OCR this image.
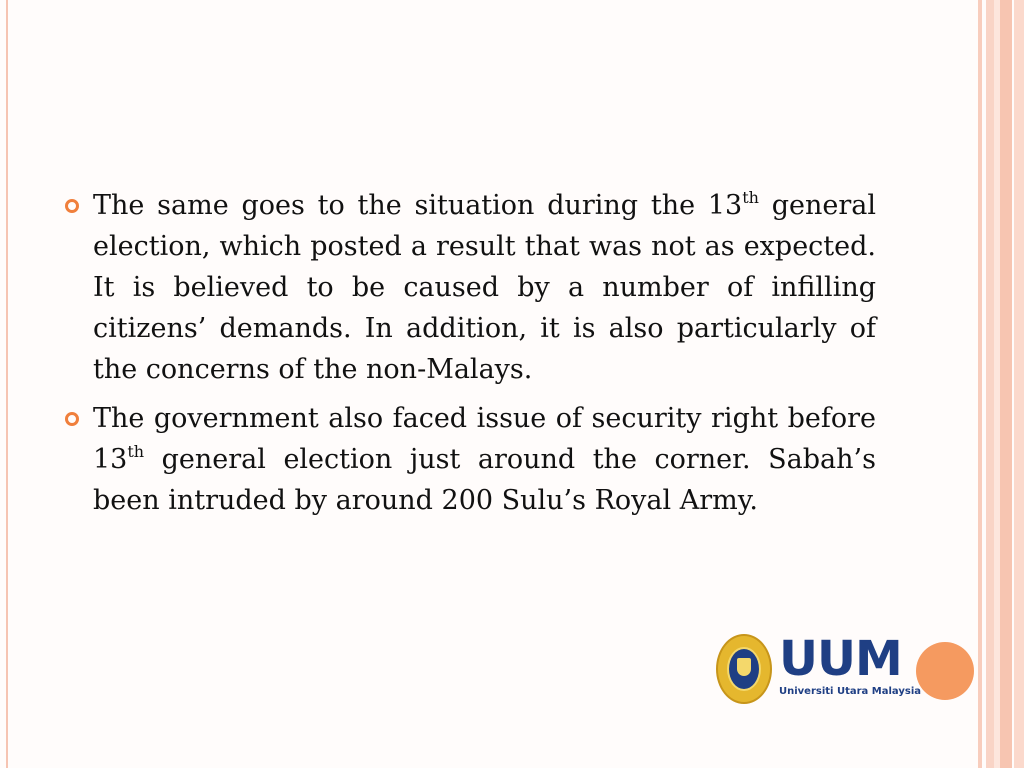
The same goes to the situation during the 13th general election, which posted a result that was not as expected. It is believed to be caused by a number of infilling citizens’ demands. In addition, it is also particularly of the concerns of the non-Malays.

The government also faced issue of security right before 13th general election just around the corner. Sabah’s been intruded by around 200 Sulu’s Royal Army.

UUM
Universiti Utara Malaysia
